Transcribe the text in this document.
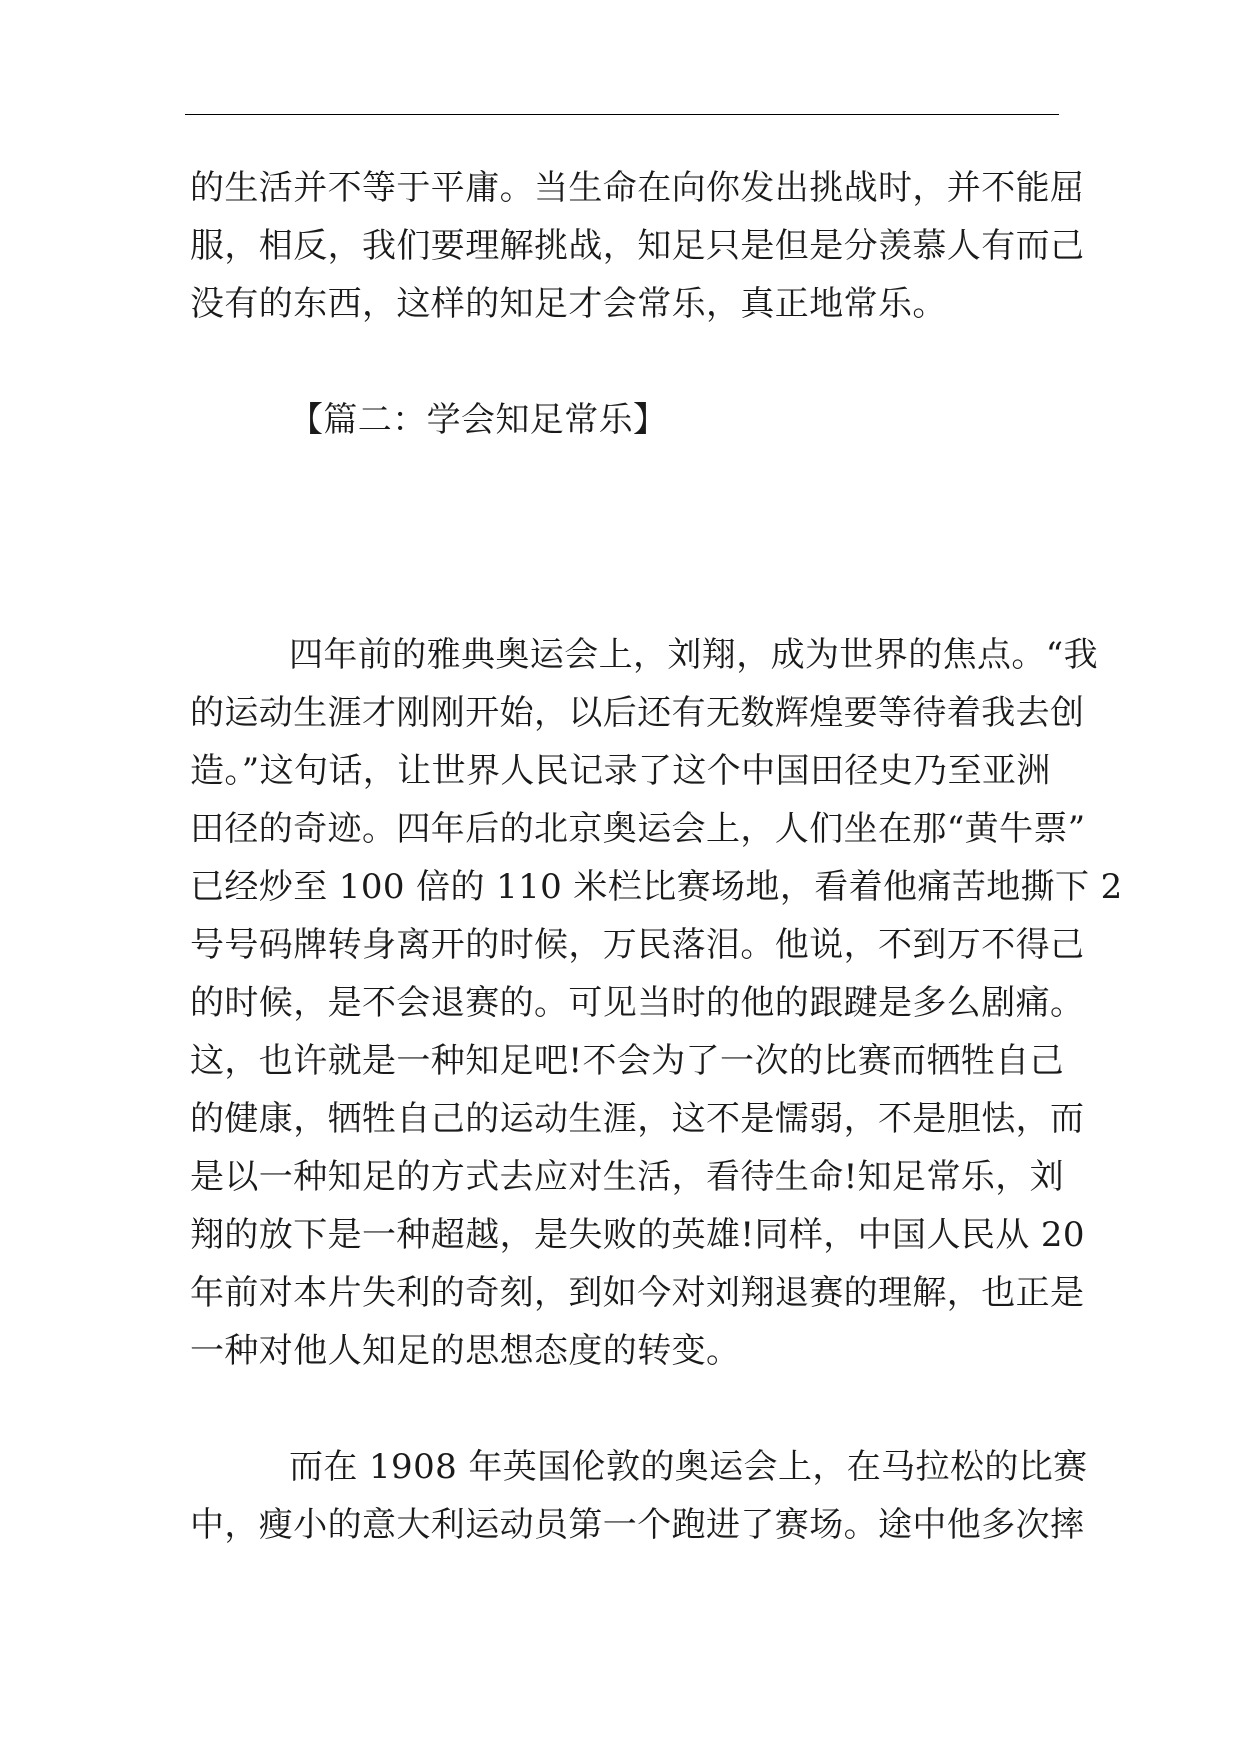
的生活并不等于平庸。当生命在向你发出挑战时，并不能屈
服，相反，我们要理解挑战，知足只是但是分羡慕人有而己
没有的东西，这样的知足才会常乐，真正地常乐。
【篇二：学会知足常乐】
四年前的雅典奥运会上，刘翔，成为世界的焦点。“我
的运动生涯才刚刚开始，以后还有无数辉煌要等待着我去创
造。”这句话，让世界人民记录了这个中国田径史乃至亚洲
田径的奇迹。四年后的北京奥运会上，人们坐在那“黄牛票”
已经炒至 100 倍的 110 米栏比赛场地，看着他痛苦地撕下 2
号号码牌转身离开的时候，万民落泪。他说，不到万不得己
的时候，是不会退赛的。可见当时的他的跟踺是多么剧痛。
这，也许就是一种知足吧!不会为了一次的比赛而牺牲自己
的健康，牺牲自己的运动生涯，这不是懦弱，不是胆怯，而
是以一种知足的方式去应对生活，看待生命!知足常乐，刘
翔的放下是一种超越，是失败的英雄!同样，中国人民从 20
年前对本片失利的奇刻，到如今对刘翔退赛的理解，也正是
一种对他人知足的思想态度的转变。
而在 1908 年英国伦敦的奥运会上，在马拉松的比赛
中，瘦小的意大利运动员第一个跑进了赛场。途中他多次摔
